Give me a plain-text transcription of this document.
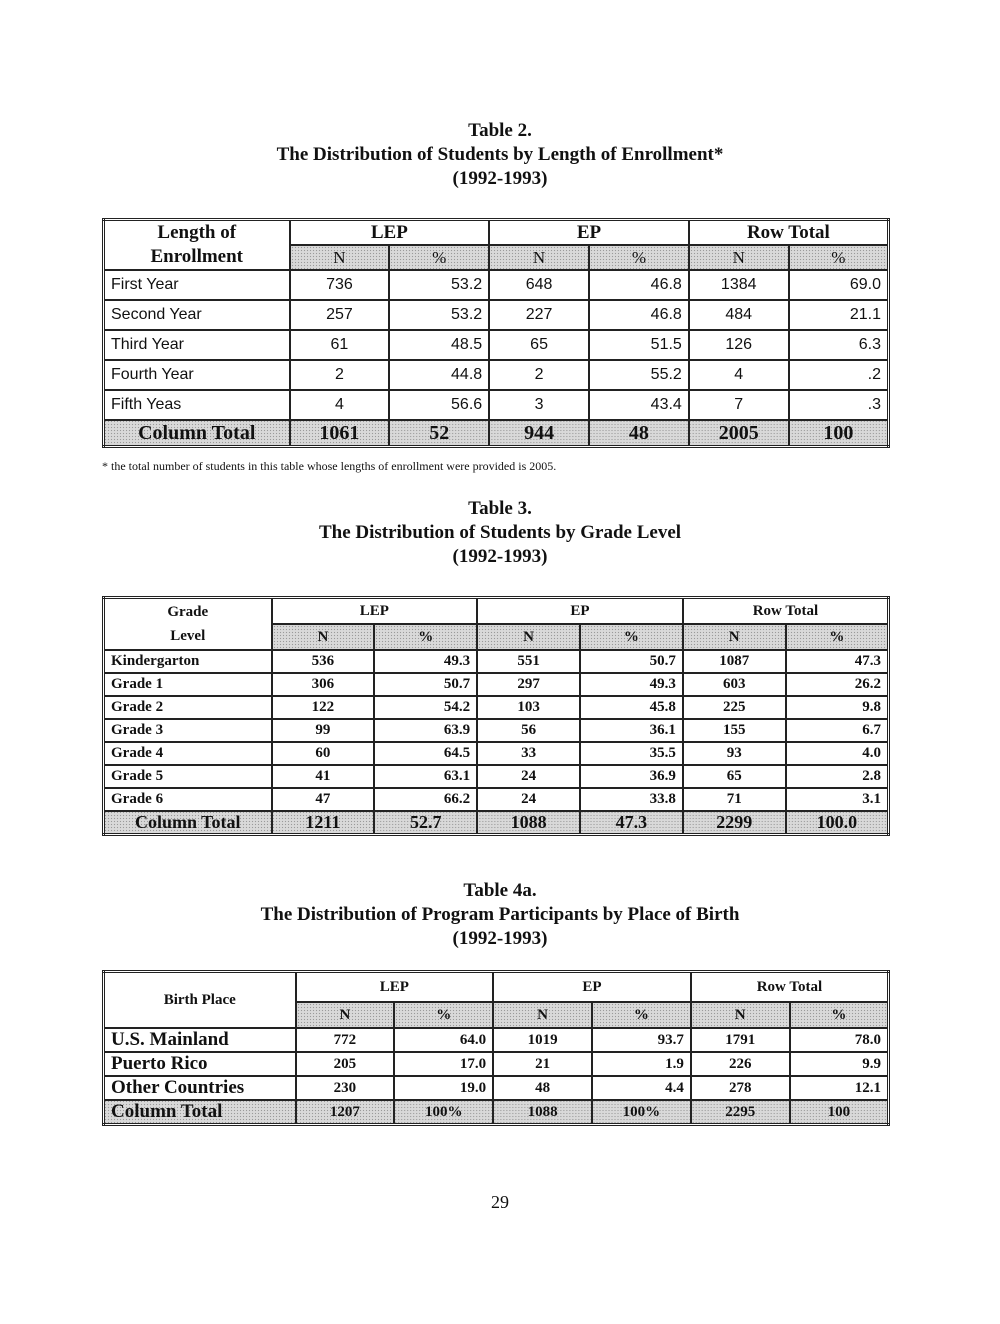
Table 2.
The Distribution of Students by Length of Enrollment*
(1992-1993)
Length of
Enrollment	LEP		EP		Row Total	
	N	%	N	%	N	%
First Year	736	53.2	648	46.8	1384	69.0
Second Year	257	53.2	227	46.8	484	21.1
Third Year	61	48.5	65	51.5	126	6.3
Fourth Year	2	44.8	2	55.2	4	.2
Fifth Yeas	4	56.6	3	43.4	7	.3
Column Total	1061	52	944	48	2005	100
* the total number of students in this table whose lengths of enrollment were provided is 2005.
Table 3.
The Distribution of Students by Grade Level
(1992-1993)
Grade
Level	LEP		EP		Row Total	
	N	%	N	%	N	%
Kindergarton	536	49.3	551	50.7	1087	47.3
Grade 1	306	50.7	297	49.3	603	26.2
Grade 2	122	54.2	103	45.8	225	9.8
Grade 3	99	63.9	56	36.1	155	6.7
Grade 4	60	64.5	33	35.5	93	4.0
Grade 5	41	63.1	24	36.9	65	2.8
Grade 6	47	66.2	24	33.8	71	3.1
Column Total	1211	52.7	1088	47.3	2299	100.0
Table 4a.
The Distribution of Program Participants by Place of Birth
(1992-1993)
Birth Place	LEP		EP		Row Total	
	N	%	N	%	N	%
U.S. Mainland	772	64.0	1019	93.7	1791	78.0
Puerto Rico	205	17.0	21	1.9	226	9.9
Other Countries	230	19.0	48	4.4	278	12.1
Column Total	1207	100%	1088	100%	2295	100
29
